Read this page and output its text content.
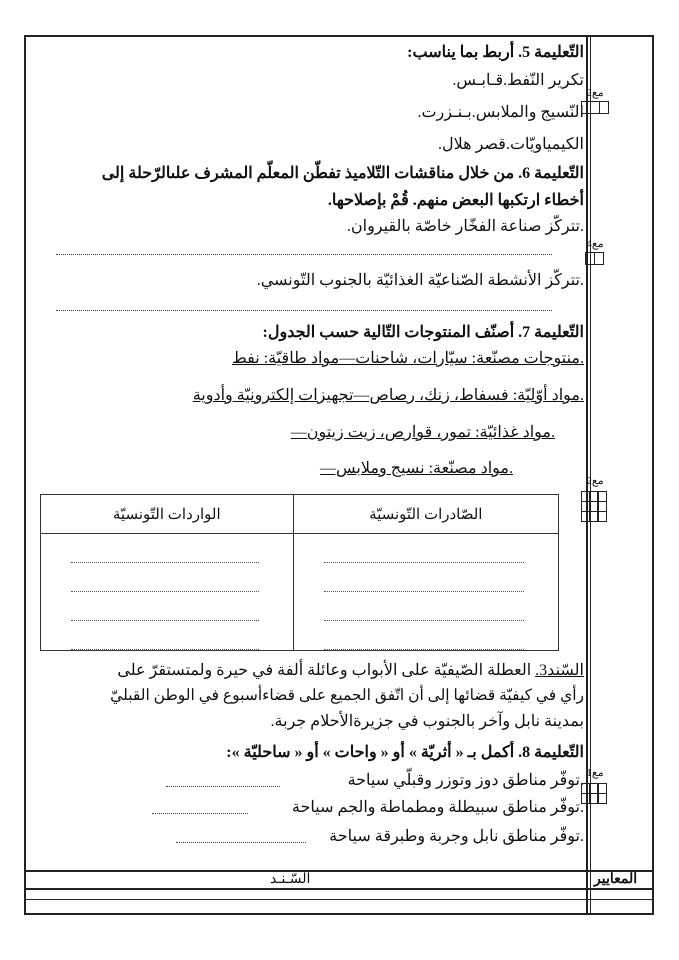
التّعليمة 5. أربط بما يناسب:
تكرير النّفط.قـابـس.
النّسيج والملابس.بـنـزرت.
الكيمياويّات.قصر هلال.
التّعليمة 6. من خلال مناقشات التّلاميذ تفطّن المعلّم المشرف علىالرّحلة إلى
أخطاء ارتكبها البعض منهم. قُمْ بإصلاحها.
.تتركّز صناعة الفخّار خاصّة بالقيروان.
.تتركّز الأنشطة الصّناعيّة الغذائيّة بالجنوب التّونسي.
التّعليمة 7. أصنّف المنتوجات التّالية حسب الجدول:
.منتوجات مصنّعة: سيّارات، شاحنات—مواد طاقيّة: نفط
.مواد أوّليّة: فسفاط، زنك، رصاص—تجهيزات إلكترونيّة وأدوية
.مواد غذائيّة: تمور، قوارص، زيت زيتون—
.مواد مصنّعة: نسيج وملابس—
الصّادرات التّونسيّة	الواردات التّونسيّة

السّند3. العطلة الصّيفيّة على الأبواب وعائلة ألفة في حيرة ولمتستقرّ على
رأي في كيفيّة قضائها إلى أن اتّفق الجميع على قضاءأسبوع في الوطن القبليّ
بمدينة نابل وآخر بالجنوب في جزيرةالأحلام جربة.
التّعليمة 8. أكمل بـ « أثريّة » أو « واحات » أو « ساحليّة »:
.توفّر مناطق دوز وتوزر وقبلّي سياحة
.توفّر مناطق سبيطلة ومطماطة والجم سياحة
.توفّر مناطق نابل وجربة وطبرقة سياحة
مع2
مع4
مع2
مع1
المعايير
السّـنـد
